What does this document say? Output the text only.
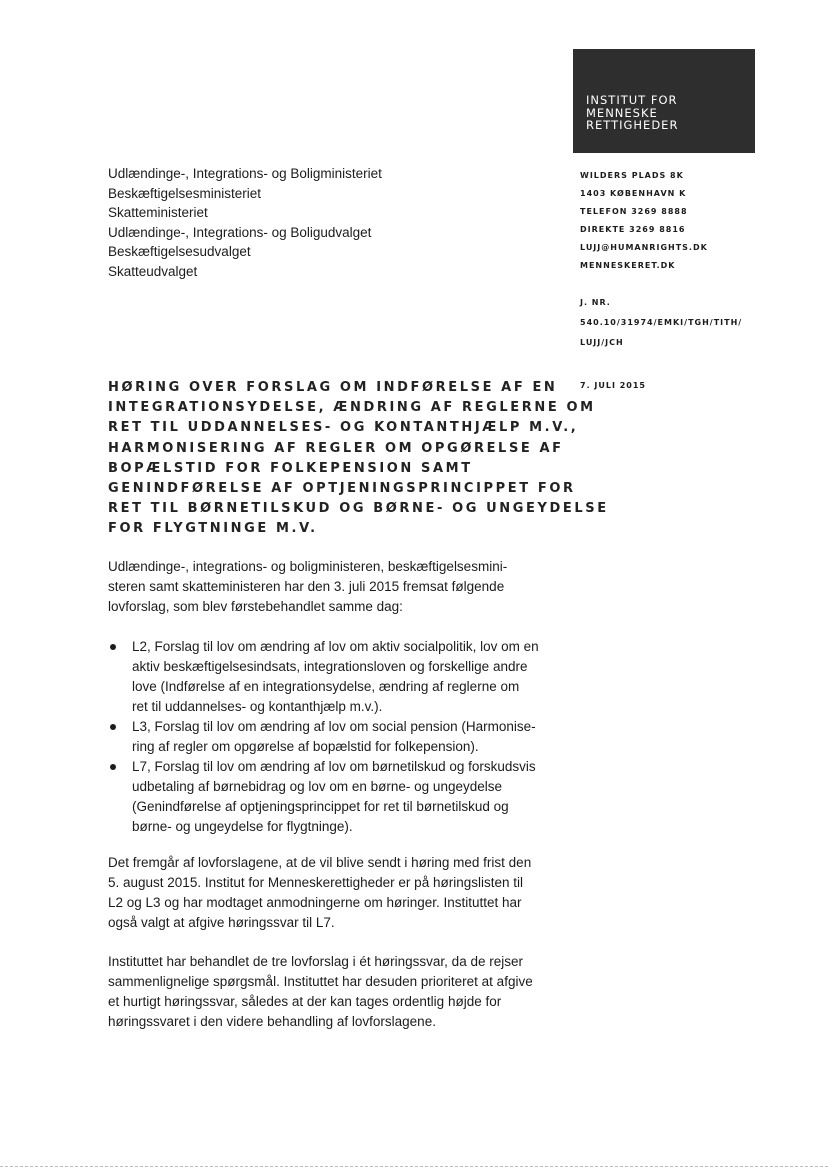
INSTITUT FOR
MENNESKE
RETTIGHEDER
Udlændinge-, Integrations- og Boligministeriet
Beskæftigelsesministeriet
Skatteministeriet
Udlændinge-, Integrations- og Boligudvalget
Beskæftigelsesudvalget
Skatteudvalget
WILDERS PLADS 8K
1403 KØBENHAVN K
TELEFON 3269 8888
DIREKTE 3269 8816
LUJJ@HUMANRIGHTS.DK
MENNESKERET.DK
J. NR.
540.10/31974/EMKI/TGH/TITH/
LUJJ/JCH
7. JULI 2015
HØRING OVER FORSLAG OM INDFØRELSE AF EN
INTEGRATIONSYDELSE, ÆNDRING AF REGLERNE OM
RET TIL UDDANNELSES- OG KONTANTHJÆLP M.V.,
HARMONISERING AF REGLER OM OPGØRELSE AF
BOPÆLSTID FOR FOLKEPENSION SAMT
GENINDFØRELSE AF OPTJENINGSPRINCIPPET FOR
RET TIL BØRNETILSKUD OG BØRNE- OG UNGEYDELSE
FOR FLYGTNINGE M.V.
Udlændinge-, integrations- og boligministeren, beskæftigelsesmini-
steren samt skatteministeren har den 3. juli 2015 fremsat følgende
lovforslag, som blev førstebehandlet samme dag:
L2, Forslag til lov om ændring af lov om aktiv socialpolitik, lov om en
aktiv beskæftigelsesindsats, integrationsloven og forskellige andre
love (Indførelse af en integrationsydelse, ændring af reglerne om
ret til uddannelses- og kontanthjælp m.v.).
L3, Forslag til lov om ændring af lov om social pension (Harmonise-
ring af regler om opgørelse af bopælstid for folkepension).
L7, Forslag til lov om ændring af lov om børnetilskud og forskudsvis
udbetaling af børnebidrag og lov om en børne- og ungeydelse
(Genindførelse af optjeningsprincippet for ret til børnetilskud og
børne- og ungeydelse for flygtninge).
Det fremgår af lovforslagene, at de vil blive sendt i høring med frist den
5. august 2015. Institut for Menneskerettigheder er på høringslisten til
L2 og L3 og har modtaget anmodningerne om høringer. Instituttet har
også valgt at afgive høringssvar til L7.
Instituttet har behandlet de tre lovforslag i ét høringssvar, da de rejser
sammenlignelige spørgsmål. Instituttet har desuden prioriteret at afgive
et hurtigt høringssvar, således at der kan tages ordentlig højde for
høringssvaret i den videre behandling af lovforslagene.
